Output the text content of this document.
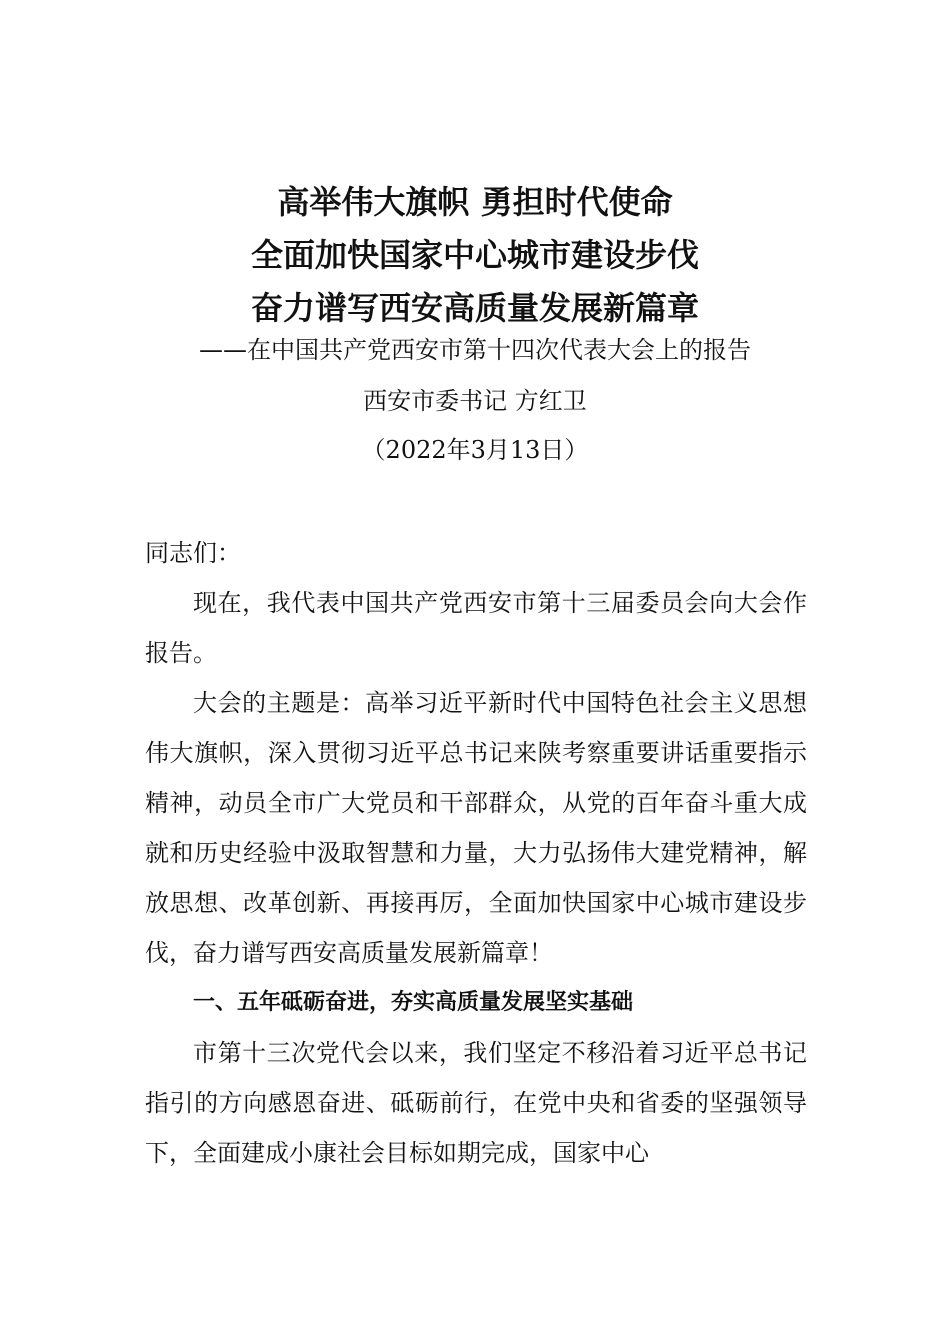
高举伟大旗帜 勇担时代使命
全面加快国家中心城市建设步伐
奋力谱写西安高质量发展新篇章
——在中国共产党西安市第十四次代表大会上的报告
西安市委书记 方红卫
（2022年3月13日）

同志们：

现在，我代表中国共产党西安市第十三届委员会向大会作报告。

大会的主题是：高举习近平新时代中国特色社会主义思想伟大旗帜，深入贯彻习近平总书记来陕考察重要讲话重要指示精神，动员全市广大党员和干部群众，从党的百年奋斗重大成就和历史经验中汲取智慧和力量，大力弘扬伟大建党精神，解放思想、改革创新、再接再厉，全面加快国家中心城市建设步伐，奋力谱写西安高质量发展新篇章！

一、五年砥砺奋进，夯实高质量发展坚实基础

市第十三次党代会以来，我们坚定不移沿着习近平总书记指引的方向感恩奋进、砥砺前行，在党中央和省委的坚强领导下，全面建成小康社会目标如期完成，国家中心
